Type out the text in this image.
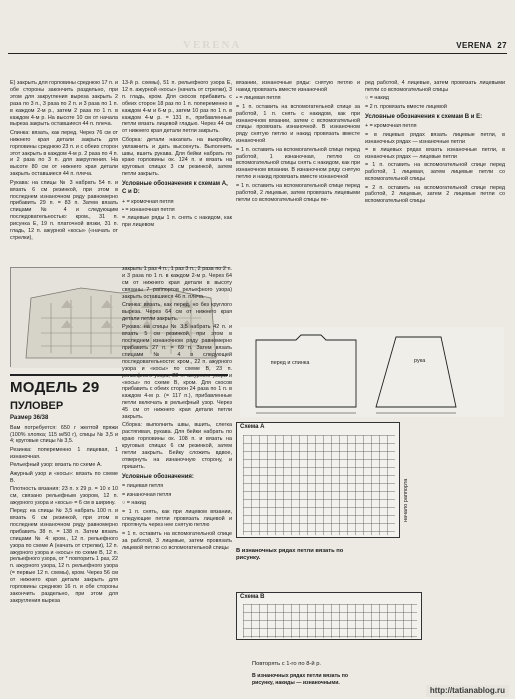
VERENA	VERENA 27

Е) закрыть для горловины среднюю 17 п. и обе стороны закончить раздельно, при этом для закругления выреза закрыть 2 раза по 3 п., 3 раза по 2 п. и 3 раза по 1 п. в каждом 2-м р., затем 2 раза по 1 п. в каждом 4-м р. На высоте 10 см от начала выреза закрыть оставшиеся 44 п. плеча.

Спинка: вязать, как перед. Через 76 см от нижнего края детали закрыть для горловины среднюю 23 п. и с обеих сторон этот закрыть в каждом 4-м р. 2 раза по 4 п. и 2 раза по 3 п. для закругления. На высоте 80 см от нижнего края детали закрыть оставшиеся 44 п. плеча.

Рукава: на спицы № 3 набрать 54 п. и вязать 6 см резинкой, при этом в последнем изнаночном ряду равномерно прибавить 29 п. = 83 п. Затем вязать спицами № 4 и следующим последовательностью: кром., 31 п. рисунка Е, 19 п. платочной вязки, 31 п. гладь, 12 п. ажурной «косы» («начать от стрелки),

13-й р. схемы), 51 п. рельефного узора Е, 12 п. ажурной «косы» (начать от стрелки), 3 п. гладь, кром. Для скосов прибавить с обеих сторон 18 раз по 1 п. попеременно в каждом 4-м и 6-м р., затем 10 раз по 1 п. в каждом 4-м р. = 131 п., прибавленные петли вязать лицевой гладью. Через 44 см от нижнего края детали петли закрыть.

Сборка: детали накапать на выкройку, увлажнить и дать высохнуть. Выполнить швы, вшить рукава. Для бейки набрать по краю горловины ок. 124 п. и вязать на круговых спицах 3 см резинкой, затем петли закрыть.

Условные обозначения к схемам А, С и D:

+ = кромочная петля

• = изнаночная петля

= лицевые ряды 1 п. снять с накидом, как при лицевом

вязании, изнаночные ряды: снятую петлю и накид провязать вместе изнаночной

• = лицевая петля

= 1 п. оставить на вспомогательной спице за работой, 1 п. снять с накидом, как при изнаночном вязании, затем с вспомогательной спицы провязать изнаночной. В изнаночном ряду снятую петлю и накид провязать вместе изнаночной

= 1 п. оставить на вспомогательной спице перед работой, 1 изнаночная, петлю со вспомогательной спицы снять с накидом, как при изнаночном вязании. В изнаночном ряду снятую петлю и накид провязать вместе изнаночной

= 1 п. оставить на вспомогательной спице перед работой, 2 лицевые, затем провязать лицевыми петли со вспомогательной спицы пе-

ред работой, 4 лицевые, затем провязать лицевыми петли со вспомогательной спицы

○ = накид

= 2 п. провязать вместе лицевой

Условные обозначения к схемам В и Е:

+ = кромочная петля

= в лицевых рядах вязать лицевые петли, в изнаночных рядах — изнаночные петли

= в лицевых рядах вязать изнаночные петли, в изнаночных рядах — лицевые петли

= 1 п. оставить на вспомогательной спице перед работой, 1 лицевая, затем лицевые петли со вспомогательной спицы

= 2 п. оставить на вспомогательной спице перед работой, 2 лицевые, затем 2 лицевые петли со вспомогательной спицы

МОДЕЛЬ 29
ПУЛОВЕР
Размер 36/38

Вам потребуется: 650 г желтой пряжи (100% хлопка; 115 м/50 г), спицы № 3,5 и 4; круговые спицы № 3,5.

Резинка: попеременно 1 лицевая, 1 изнаночная.

Рельефный узор: вязать по схеме А.

Ажурный узор и «косы»: вязать по схеме В.

Плотность вязания: 23 п. x 29 р. = 10 x 10 см, связано рельефным узором, 12 п. ажурного узора и «косы» = 6 см в ширину.

Перед: на спицы № 3,5 набрать 100 п. и вязать 6 см резинкой, при этом в последнем изнаночном ряду равномерно прибавить 38 п. = 138 п. Затем вязать спицами № 4: кром., 12 п. рельефного узора по схеме А (начать от стрелки), 12 п. ажурного узора и «косы» по схеме В, 12 п. рельефного узора, от * повторить 1 раз, 22 п. ажурного узора, 12 п. рельефного узора (= первые 12 п. схемы), кром. Через 56 см от нижнего края детали закрыть для горловины среднюю 16 п. и обе стороны закончить раздельно, при этом для закругления выреза

закрыть 1 раз 4 п., 1 раз 3 п., 2 раза по 2 п. и 3 раза по 1 п. в каждом 2-м р. Через 64 см от нижнего края детали в высоту связаны 7 раппортов рельефного узора) закрыть оставшиеся 46 п. плеча.

Спинка: вязать, как перед, но без круглого выреза. Через 64 см от нижнего края детали петли закрыть.

Рукава: на спицы № 3,5 набрать 42 п. и вязать 5 см резинкой, при этом в последнем изнаночном ряду равномерно прибавить 27 п. = 69 п. Затем вязать спицами № 4 в следующей последовательности: кром., 22 п. ажурного узора и «косы» по схеме В, 23 п. рельефного узора, 22 п. ажурного узора и «косы» по схеме В, кром. Для скосов прибавить с обеих сторон 24 раза по 1 п. в каждом 4-м р. (= 117 п.), прибавленные петли включать в рельефный узор. Через 45 см от нижнего края детали петли закрыть.

Сборка: выполнить швы, вшить, слегка растягивая, рукава. Для бейки набрать по краю горловины ок. 108 п. и вязать на круговых спицах 6 см резинкой, затем петли закрыть. Бейку сложить вдвое, отвернуть на изнаночную сторону, и пришить.

Условные обозначения:

= лицевая петля

= изнаночная петля

○ = накид

= 1 п. снять, как при лицевом вязании, следующие петли провязать лицевой и протянуть через нее снятую петлю

= 1 п. оставить на вспомогательной спице за работой, 3 лицевые, затем провязать лицевой петлю со вспомогательной спицы

перед и спинка	рука
Схема А
начало раппорта
В изнаночных рядах петли вязать по рисунку.
Схема В
Повторять с 1-го по 8-й р.
В изнаночных рядах петли вязать по рисунку, накиды — изнаночными.
http://tatianablog.ru
